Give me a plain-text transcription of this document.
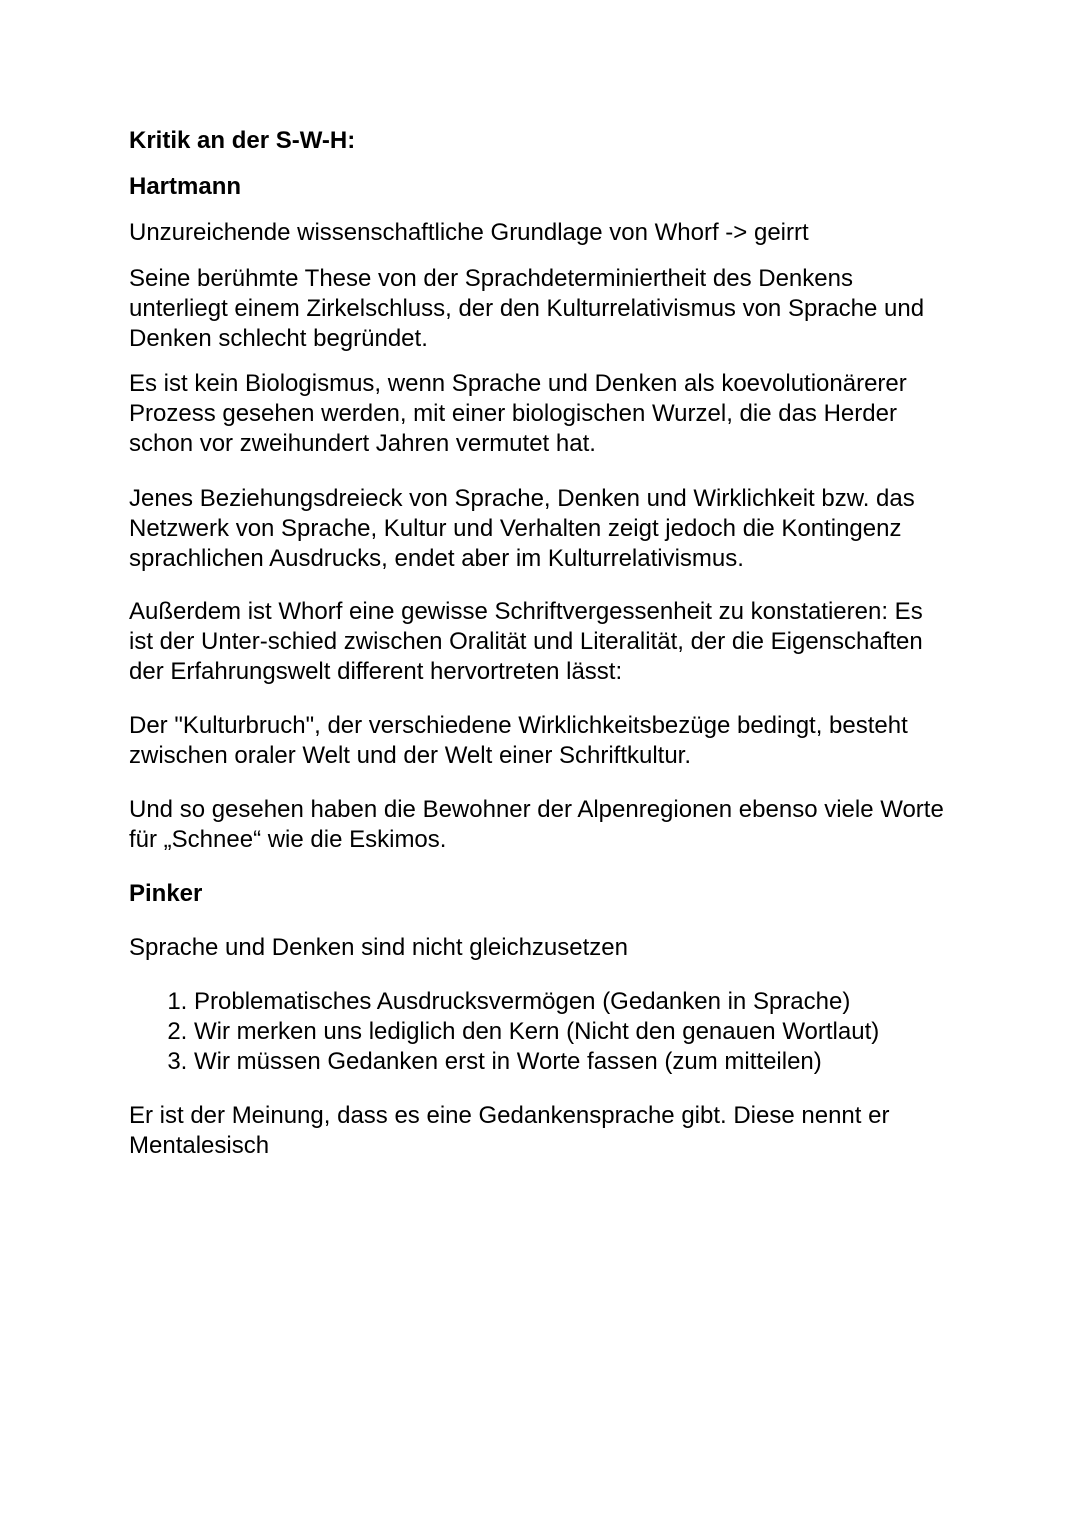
Kritik an der S-W-H:

Hartmann

Unzureichende wissenschaftliche Grundlage von Whorf -> geirrt

Seine berühmte These von der Sprachdeterminiertheit des Denkens unterliegt einem Zirkelschluss, der den Kulturrelativismus von Sprache und Denken schlecht begründet.

Es ist kein Biologismus, wenn Sprache und Denken als koevolutionärerer Prozess gesehen werden, mit einer biologischen Wurzel, die das Herder schon vor zweihundert Jahren vermutet hat.

Jenes Beziehungsdreieck von Sprache, Denken und Wirklichkeit bzw. das Netzwerk von Sprache, Kultur und Verhalten zeigt jedoch die Kontingenz sprachlichen Ausdrucks, endet aber im Kulturrelativismus.

Außerdem ist Whorf eine gewisse Schriftvergessenheit zu konstatieren: Es ist der Unter-schied zwischen Oralität und Literalität, der die Eigenschaften der Erfahrungswelt different hervortreten lässt:

Der "Kulturbruch", der verschiedene Wirklichkeitsbezüge bedingt, besteht zwischen oraler Welt und der Welt einer Schriftkultur.

Und so gesehen haben die Bewohner der Alpenregionen ebenso viele Worte für „Schnee“ wie die Eskimos.

Pinker

Sprache und Denken sind nicht gleichzusetzen

1. Problematisches Ausdrucksvermögen (Gedanken in Sprache)
2. Wir merken uns lediglich den Kern (Nicht den genauen Wortlaut)
3. Wir müssen Gedanken erst in Worte fassen (zum mitteilen)

Er ist der Meinung, dass es eine Gedankensprache gibt. Diese nennt er Mentalesisch
